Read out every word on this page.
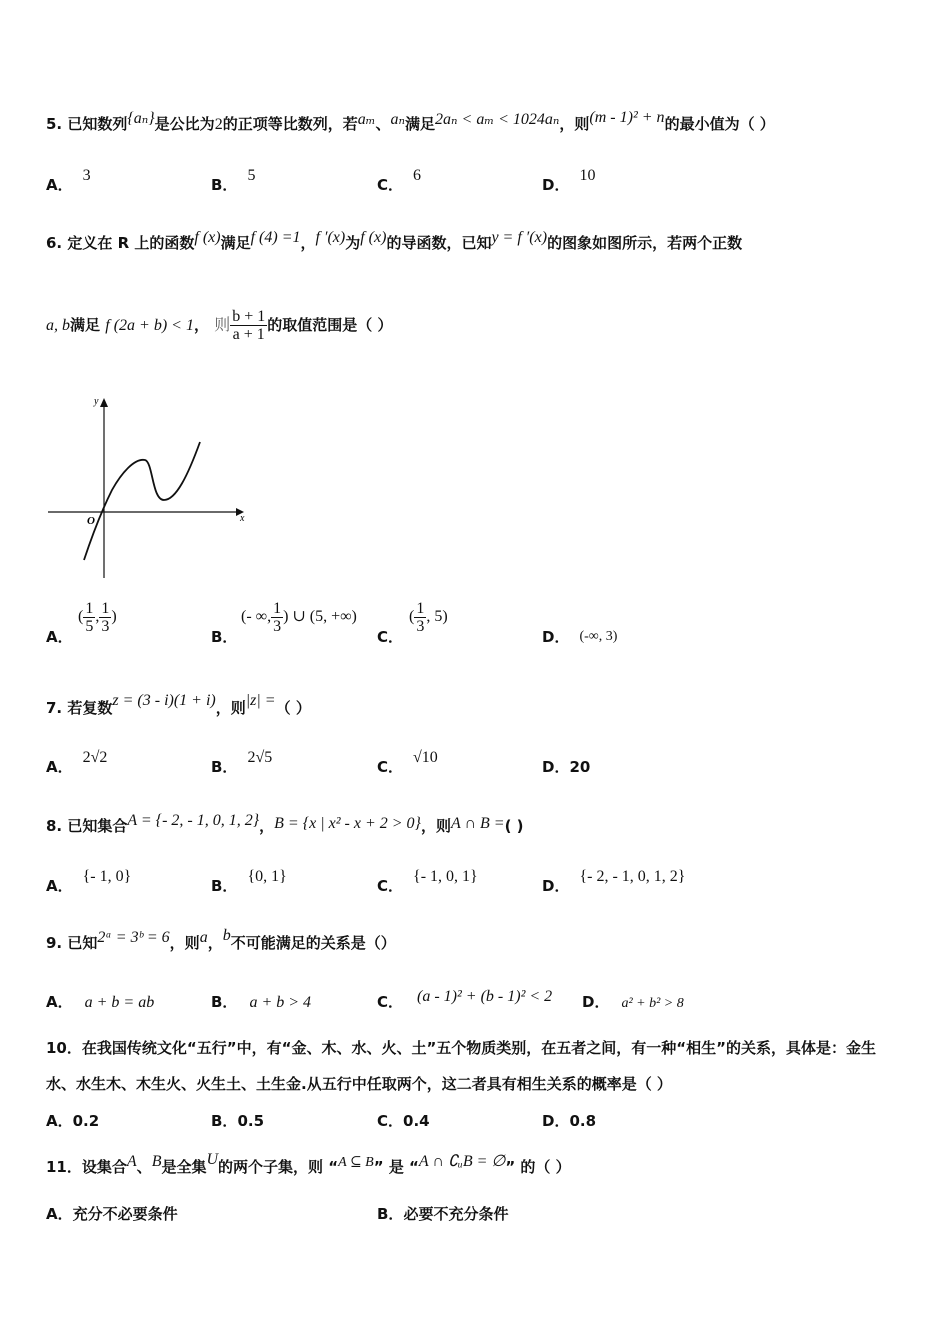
5. 已知数列{aₙ}是公比为2的正项等比数列，若aₘ、aₙ满足2aₙ < aₘ < 1024aₙ，则(m - 1)² + n的最小值为（ ）
A．3
B．5
C．6
D．10
6. 定义在 R 上的函数f (x)满足f (4) =1，f ′(x)为f (x)的导函数，已知y = f ′(x)的图象如图所示，若两个正数
a, b满足 f (2a + b) < 1， 则 $\frac{b + 1}{a + 1}$ 的取值范围是（ ）
y
x
O
A．
( $\frac{1}{5}$ , $\frac{1}{3}$ )
B．
(- ∞, $\frac{1}{3}$ ) ∪ (5, +∞)
C．
( $\frac{1}{3}$ , 5)
D． (-∞, 3)
7. 若复数z = (3 - i)(1 + i)，则|z| =（ ）
A．2√2
B．2√5
C．√10
D．20
8. 已知集合A = {- 2, - 1, 0, 1, 2}，B = {x | x² - x + 2 > 0}，则A ∩ B =( )
A．{- 1, 0}
B．{0, 1}
C．{- 1, 0, 1}
D．{- 2, - 1, 0, 1, 2}
9. 已知2ᵃ = 3ᵇ = 6，则a，b不可能满足的关系是（）
A． a + b = ab	B． a + b > 4	C． (a - 1)² + (b - 1)² < 2 D． a² + b² > 8
10．在我国传统文化“五行”中，有“金、木、水、火、土”五个物质类别，在五者之间，有一种“相生”的关系，具体是：金生水、水生木、木生火、火生土、土生金.从五行中任取两个，这二者具有相生关系的概率是（ ）
A．0.2	B．0.5	C．0.4	D．0.8
11．设集合A、B是全集U的两个子集，则 “A ⊆ B” 是 “A ∩ ∁ᵤB = ∅” 的（ ）
A．充分不必要条件	B．必要不充分条件
